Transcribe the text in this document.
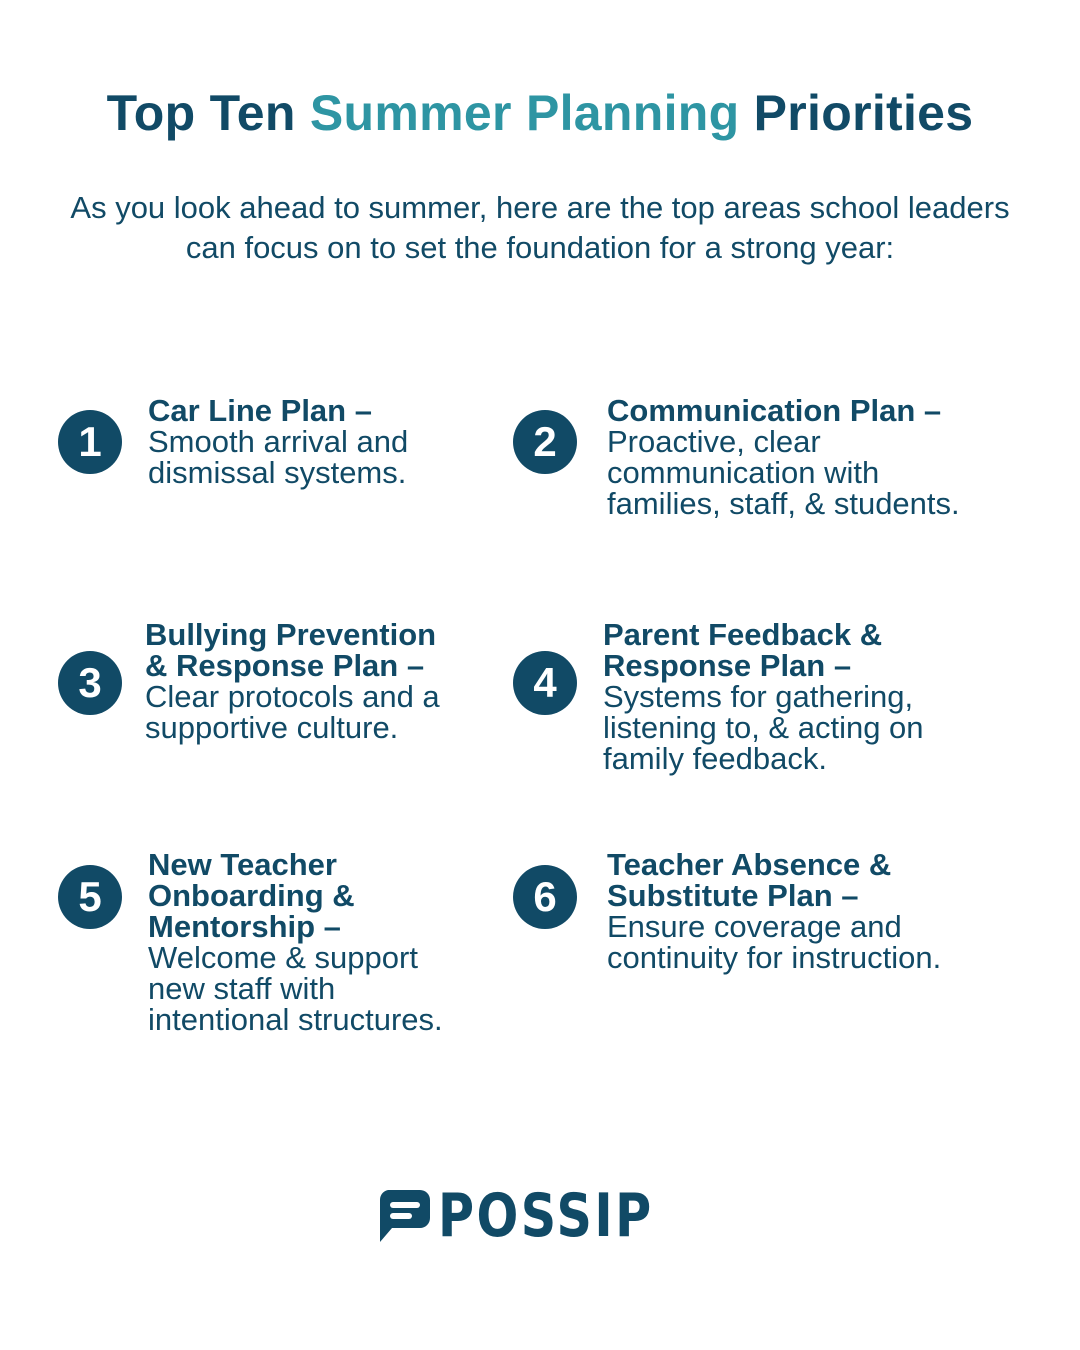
Top Ten Summer Planning Priorities

As you look ahead to summer, here are the top areas school leaders can focus on to set the foundation for a strong year:

1

Car Line Plan –
Smooth arrival and dismissal systems.

2

Communication Plan –
Proactive, clear communication with families, staff, & students.

3

Bullying Prevention & Response Plan –
Clear protocols and a supportive culture.

4

Parent Feedback & Response Plan –
Systems for gathering, listening to, & acting on family feedback.

5

New Teacher Onboarding & Mentorship –
Welcome & support new staff with intentional structures.

6

Teacher Absence & Substitute Plan –
Ensure coverage and continuity for instruction.

POSSIP
